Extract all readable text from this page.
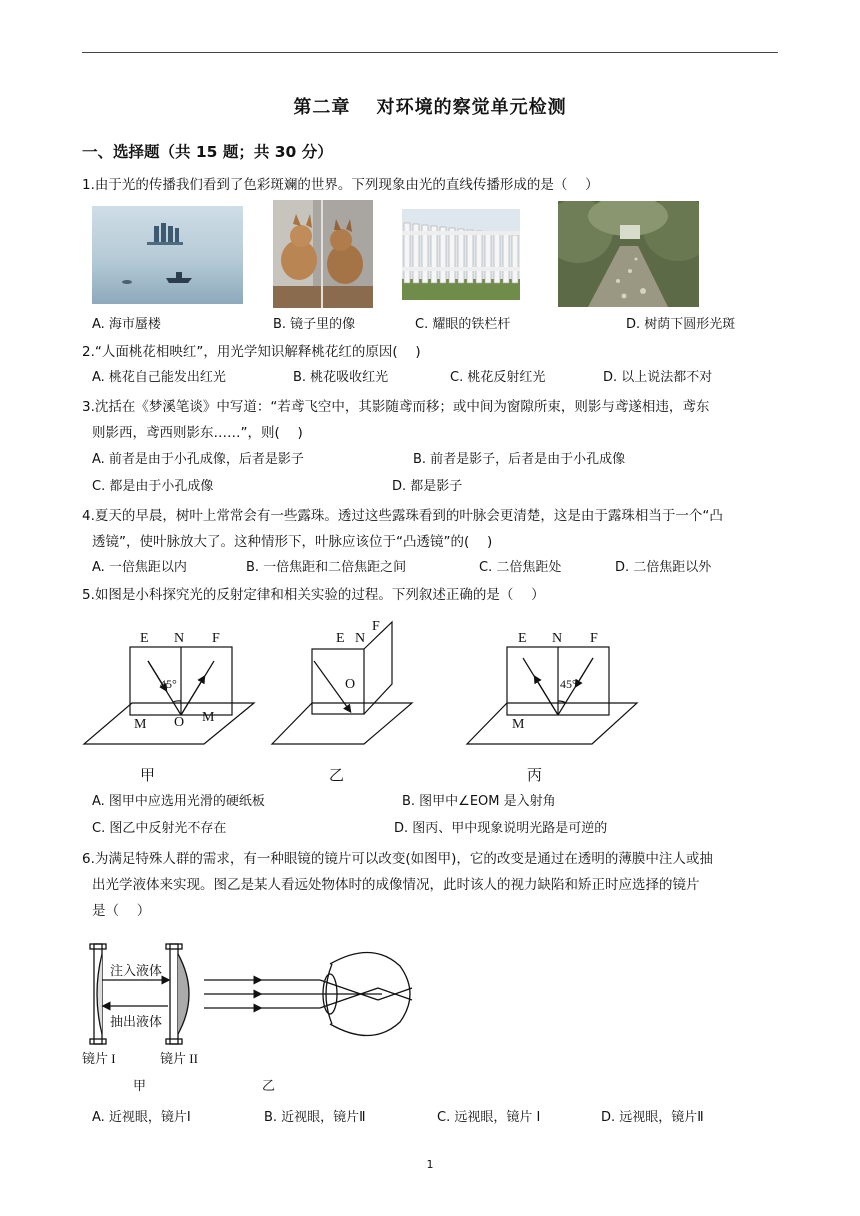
第二章　 对环境的察觉单元检测
一、选择题（共 15 题；共 30 分）
1.由于光的传播我们看到了色彩斑斓的世界。下列现象由光的直线传播形成的是（　 ）
A. 海市蜃楼	B. 镜子里的像	C. 耀眼的铁栏杆	D. 树荫下圆形光斑
2.“人面桃花相映红”，用光学知识解释桃花红的原因(　 )
A. 桃花自己能发出红光	B. 桃花吸收红光	C. 桃花反射红光	D. 以上说法都不对
3.沈括在《梦溪笔谈》中写道：“若鸢飞空中，其影随鸢而移；或中间为窗隙所束，则影与鸢遂相违，鸢东
则影西，鸢西则影东……”，则(　 )
A. 前者是由于小孔成像，后者是影子	B. 前者是影子，后者是由于小孔成像
C. 都是由于小孔成像	D. 都是影子
4.夏天的早晨，树叶上常常会有一些露珠。透过这些露珠看到的叶脉会更清楚，这是由于露珠相当于一个“凸
透镜”，使叶脉放大了。这种情形下，叶脉应该位于“凸透镜”的(　 )
A. 一倍焦距以内	B. 一倍焦距和二倍焦距之间	C. 二倍焦距处	D. 二倍焦距以外
5.如图是小科探究光的反射定律和相关实验的过程。下列叙述正确的是（　 ）
E N F
45°
O
M	M
E N
F
O
E N F
45°
M
甲	乙	丙
A. 图甲中应选用光滑的硬纸板	B. 图甲中∠EOM 是入射角
C. 图乙中反射光不存在	D. 图丙、甲中现象说明光路是可逆的
6.为满足特殊人群的需求，有一种眼镜的镜片可以改变(如图甲)，它的改变是通过在透明的薄膜中注人或抽
出光学液体来实现。图乙是某人看远处物体时的成像情况，此时该人的视力缺陷和矫正时应选择的镜片
是（　 ）
注入液体
抽出液体
镜片 I	镜片 II
甲	乙
A. 近视眼，镜片Ⅰ	B. 近视眼，镜片Ⅱ	C. 远视眼，镜片 I	D. 远视眼，镜片Ⅱ
1
